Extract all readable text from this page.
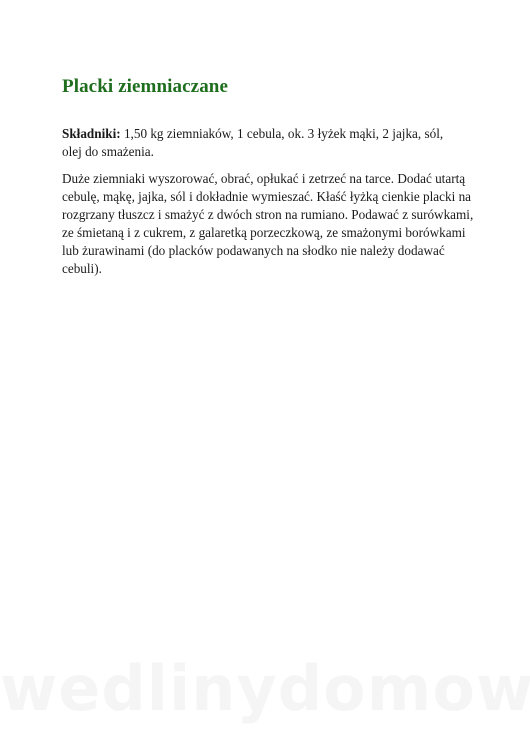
Placki ziemniaczane

Składniki: 1,50 kg ziemniaków, 1 cebula, ok. 3 łyżek mąki, 2 jajka, sól, olej do smażenia.

Duże ziemniaki wyszorować, obrać, opłukać i zetrzeć na tarce. Dodać utartą cebulę, mąkę, jajka, sól i dokładnie wymieszać. Kłaść łyżką cienkie placki na rozgrzany tłuszcz i smażyć z dwóch stron na rumiano. Podawać z surówkami, ze śmietaną i z cukrem, z galaretką porzeczkową, ze smażonymi borówkami lub żurawinami (do placków podawanych na słodko nie należy dodawać cebuli).
